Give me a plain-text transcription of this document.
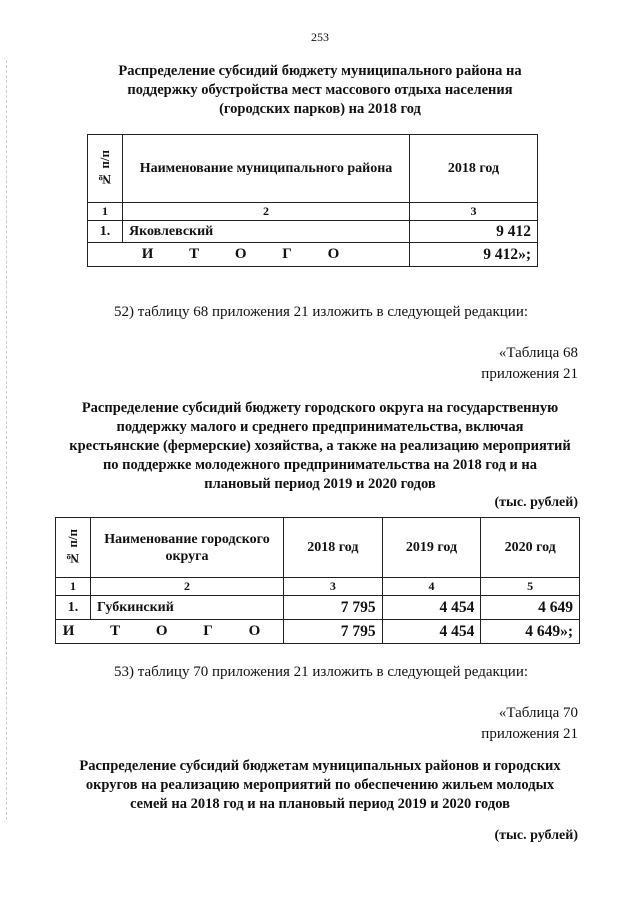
253
Распределение субсидий бюджету муниципального района на
поддержку обустройства мест массового отдыха населения
(городских парков) на 2018 год
№ п/п	Наименование муниципального района	2018 год
1	2	3
1.	Яковлевский	9 412
И Т О Г О		9 412»;
52) таблицу 68 приложения 21 изложить в следующей редакции:
«Таблица 68
приложения 21
Распределение субсидий бюджету городского округа на государственную
поддержку малого и среднего предпринимательства, включая
крестьянские (фермерские) хозяйства, а также на реализацию мероприятий
по поддержке молодежного предпринимательства на 2018 год и на
плановый период 2019 и 2020 годов
(тыс. рублей)
№ п/п	Наименование городского округа	2018 год	2019 год	2020 год
1	2	3	4	5
1.	Губкинский	7 795	4 454	4 649
И Т О Г О		7 795	4 454	4 649»;
53) таблицу 70 приложения 21 изложить в следующей редакции:
«Таблица 70
приложения 21
Распределение субсидий бюджетам муниципальных районов и городских
округов на реализацию мероприятий по обеспечению жильем молодых
семей на 2018 год и на плановый период 2019 и 2020 годов
(тыс. рублей)
